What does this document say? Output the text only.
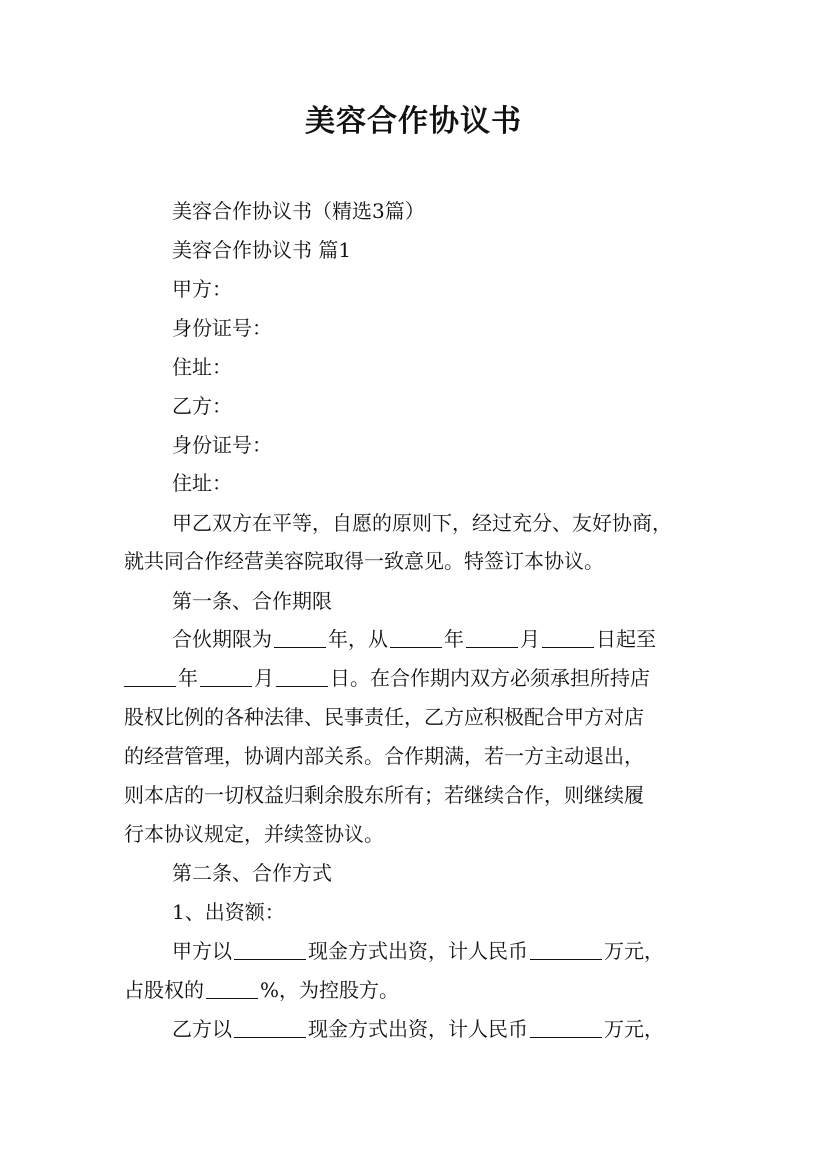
美容合作协议书
美容合作协议书（精选3篇）
美容合作协议书 篇1
甲方：
身份证号：
住址：
乙方：
身份证号：
住址：
甲乙双方在平等，自愿的原则下，经过充分、友好协商，
就共同合作经营美容院取得一致意见。特签订本协议。
第一条、合作期限
合伙期限为	年，从	年	月	日起至
年	月	日。在合作期内双方必须承担所持店
股权比例的各种法律、民事责任，乙方应积极配合甲方对店
的经营管理，协调内部关系。合作期满，若一方主动退出，
则本店的一切权益归剩余股东所有；若继续合作，则继续履
行本协议规定，并续签协议。
第二条、合作方式
1、出资额：
甲方以	现金方式出资，计人民币	万元，
占股权的	%，为控股方。
乙方以	现金方式出资，计人民币	万元，
